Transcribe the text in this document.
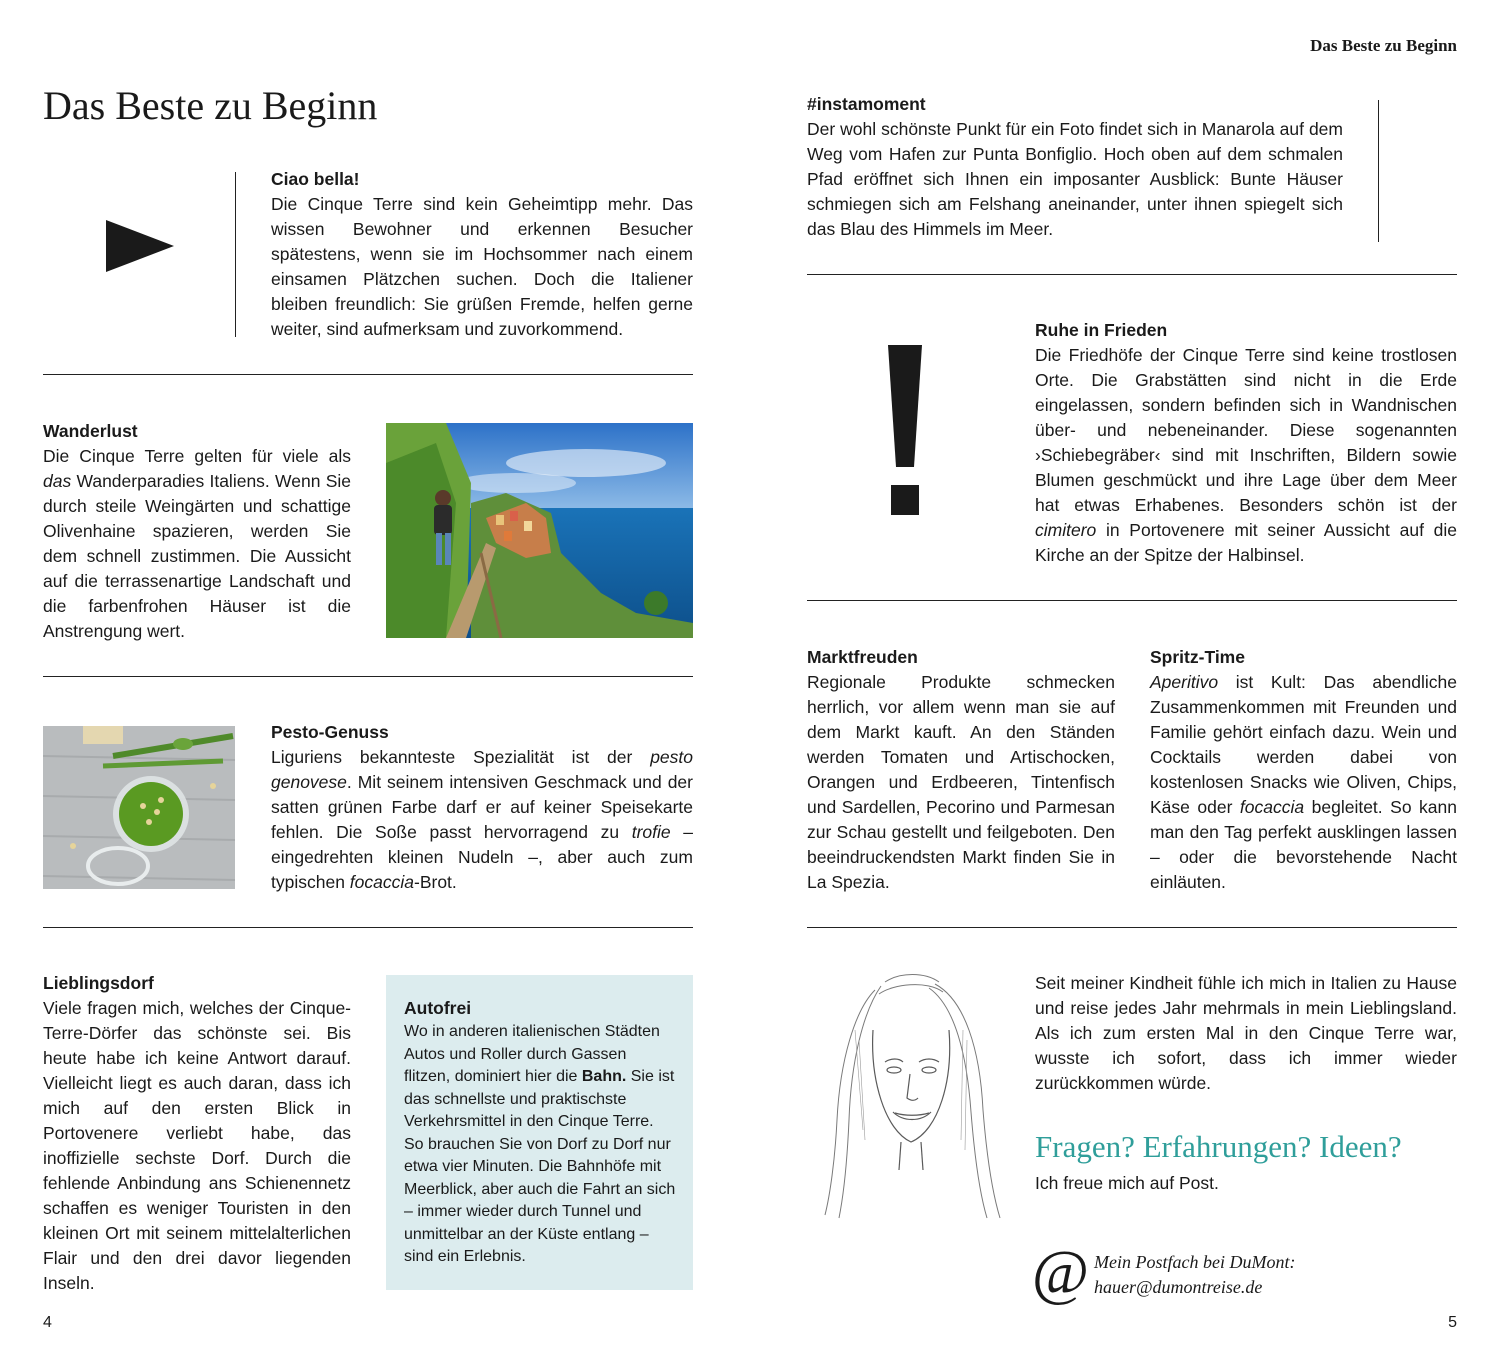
Das Beste zu Beginn
Das Beste zu Beginn
Ciao bella!
Die Cinque Terre sind kein Geheimtipp mehr. Das wissen Bewohner und erkennen Besucher spätestens, wenn sie im Hochsommer nach einem einsamen Plätzchen suchen. Doch die Italiener bleiben freundlich: Sie grüßen Fremde, helfen gerne weiter, sind aufmerksam und zuvorkommend.
Wanderlust
Die Cinque Terre gelten für viele als das Wanderparadies Italiens. Wenn Sie durch steile Weingärten und schattige Olivenhaine spazieren, werden Sie dem schnell zustimmen. Die Aussicht auf die terrassenartige Landschaft und die farbenfrohen Häuser ist die Anstrengung wert.
Pesto-Genuss
Liguriens bekannteste Spezialität ist der pesto genovese. Mit seinem intensiven Geschmack und der satten grünen Farbe darf er auf keiner Speisekarte fehlen. Die Soße passt hervorragend zu trofie – eingedrehten kleinen Nudeln –, aber auch zum typischen focaccia-Brot.
Lieblingsdorf
Viele fragen mich, welches der Cinque-Terre-Dörfer das schönste sei. Bis heute habe ich keine Antwort darauf. Vielleicht liegt es auch daran, dass ich mich auf den ersten Blick in Portovenere verliebt habe, das inoffizielle sechste Dorf. Durch die fehlende Anbindung ans Schienennetz schaffen es weniger Touristen in den kleinen Ort mit seinem mittelalterlichen Flair und den drei davor liegenden Inseln.
Autofrei
Wo in anderen italienischen Städten Autos und Roller durch Gassen flitzen, dominiert hier die Bahn. Sie ist das schnellste und praktischste Verkehrsmittel in den Cinque Terre. So brauchen Sie von Dorf zu Dorf nur etwa vier Minuten. Die Bahnhöfe mit Meerblick, aber auch die Fahrt an sich – immer wieder durch Tunnel und unmittelbar an der Küste entlang – sind ein Erlebnis.
4
#instamoment
Der wohl schönste Punkt für ein Foto findet sich in Manarola auf dem Weg vom Hafen zur Punta Bonfiglio. Hoch oben auf dem schmalen Pfad eröffnet sich Ihnen ein imposanter Ausblick: Bunte Häuser schmiegen sich am Felshang aneinander, unter ihnen spiegelt sich das Blau des Himmels im Meer.
Ruhe in Frieden
Die Friedhöfe der Cinque Terre sind keine trostlosen Orte. Die Grabstätten sind nicht in die Erde eingelassen, sondern befinden sich in Wandnischen über- und nebeneinander. Diese sogenannten ›Schiebegräber‹ sind mit Inschriften, Bildern sowie Blumen geschmückt und ihre Lage über dem Meer hat etwas Erhabenes. Besonders schön ist der cimitero in Portovenere mit seiner Aussicht auf die Kirche an der Spitze der Halbinsel.
Marktfreuden
Regionale Produkte schmecken herrlich, vor allem wenn man sie auf dem Markt kauft. An den Ständen werden Tomaten und Artischocken, Orangen und Erdbeeren, Tintenfisch und Sardellen, Pecorino und Parmesan zur Schau gestellt und feilgeboten. Den beeindruckendsten Markt finden Sie in La Spezia.
Spritz-Time
Aperitivo ist Kult: Das abendliche Zusammenkommen mit Freunden und Familie gehört einfach dazu. Wein und Cocktails werden dabei von kostenlosen Snacks wie Oliven, Chips, Käse oder focaccia begleitet. So kann man den Tag perfekt ausklingen lassen – oder die bevorstehende Nacht einläuten.
Seit meiner Kindheit fühle ich mich in Italien zu Hause und reise jedes Jahr mehrmals in mein Lieblingsland. Als ich zum ersten Mal in den Cinque Terre war, wusste ich sofort, dass ich immer wieder zurückkommen würde.
Fragen? Erfahrungen? Ideen?
Ich freue mich auf Post.
@ Mein Postfach bei DuMont:
hauer@dumontreise.de
5
